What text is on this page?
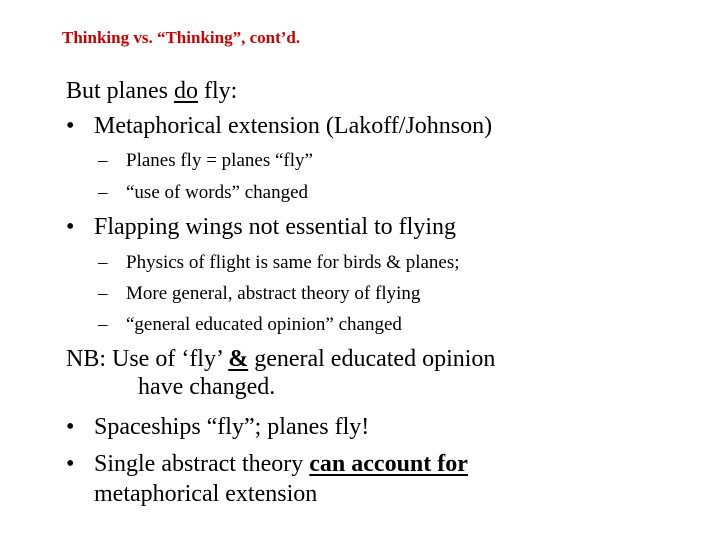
Thinking vs. “Thinking”, cont’d.
But planes do fly:
• Metaphorical extension (Lakoff/Johnson)
– Planes fly = planes “fly”
– “use of words” changed
• Flapping wings not essential to flying
– Physics of flight is same for birds & planes;
– More general, abstract theory of flying
– “general educated opinion” changed
NB: Use of ‘fly’ & general educated opinion
have changed.
• Spaceships “fly”; planes fly!
• Single abstract theory can account for
metaphorical extension
